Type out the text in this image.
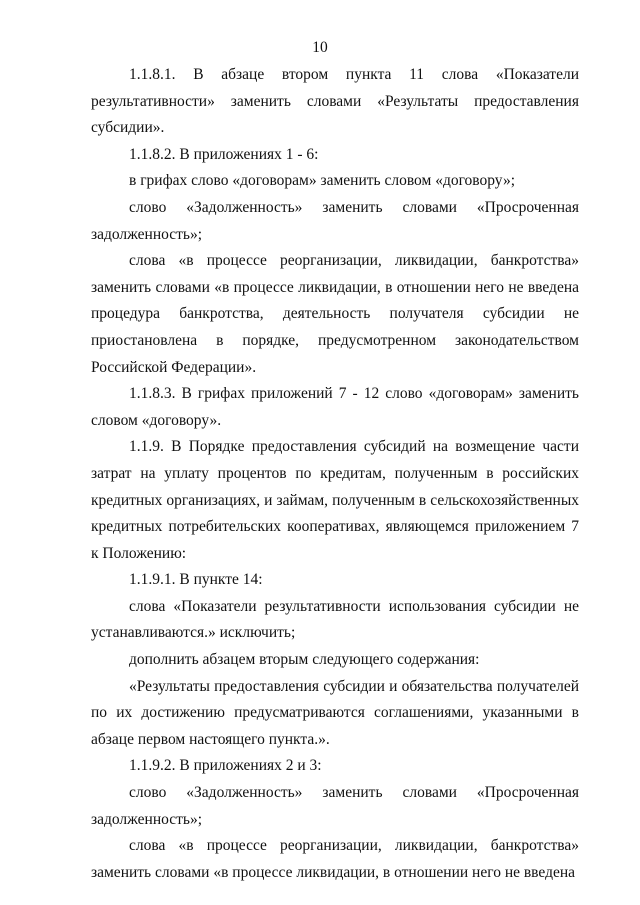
10

1.1.8.1. В абзаце втором пункта 11 слова «Показатели результативности» заменить словами «Результаты предоставления субсидии».

1.1.8.2. В приложениях 1 - 6:

в грифах слово «договорам» заменить словом «договору»;

слово «Задолженность» заменить словами «Просроченная задолженность»;

слова «в процессе реорганизации, ликвидации, банкротства» заменить словами «в процессе ликвидации, в отношении него не введена процедура банкротства, деятельность получателя субсидии не приостановлена в порядке, предусмотренном законодательством Российской Федерации».

1.1.8.3. В грифах приложений 7 - 12 слово «договорам» заменить словом «договору».

1.1.9. В Порядке предоставления субсидий на возмещение части затрат на уплату процентов по кредитам, полученным в российских кредитных организациях, и займам, полученным в сельскохозяйственных кредитных потребительских кооперативах, являющемся приложением 7 к Положению:

1.1.9.1. В пункте 14:

слова «Показатели результативности использования субсидии не устанавливаются.» исключить;

дополнить абзацем вторым следующего содержания:

«Результаты предоставления субсидии и обязательства получателей по их достижению предусматриваются соглашениями, указанными в абзаце первом настоящего пункта.».

1.1.9.2. В приложениях 2 и 3:

слово «Задолженность» заменить словами «Просроченная задолженность»;

слова «в процессе реорганизации, ликвидации, банкротства» заменить словами «в процессе ликвидации, в отношении него не введена
